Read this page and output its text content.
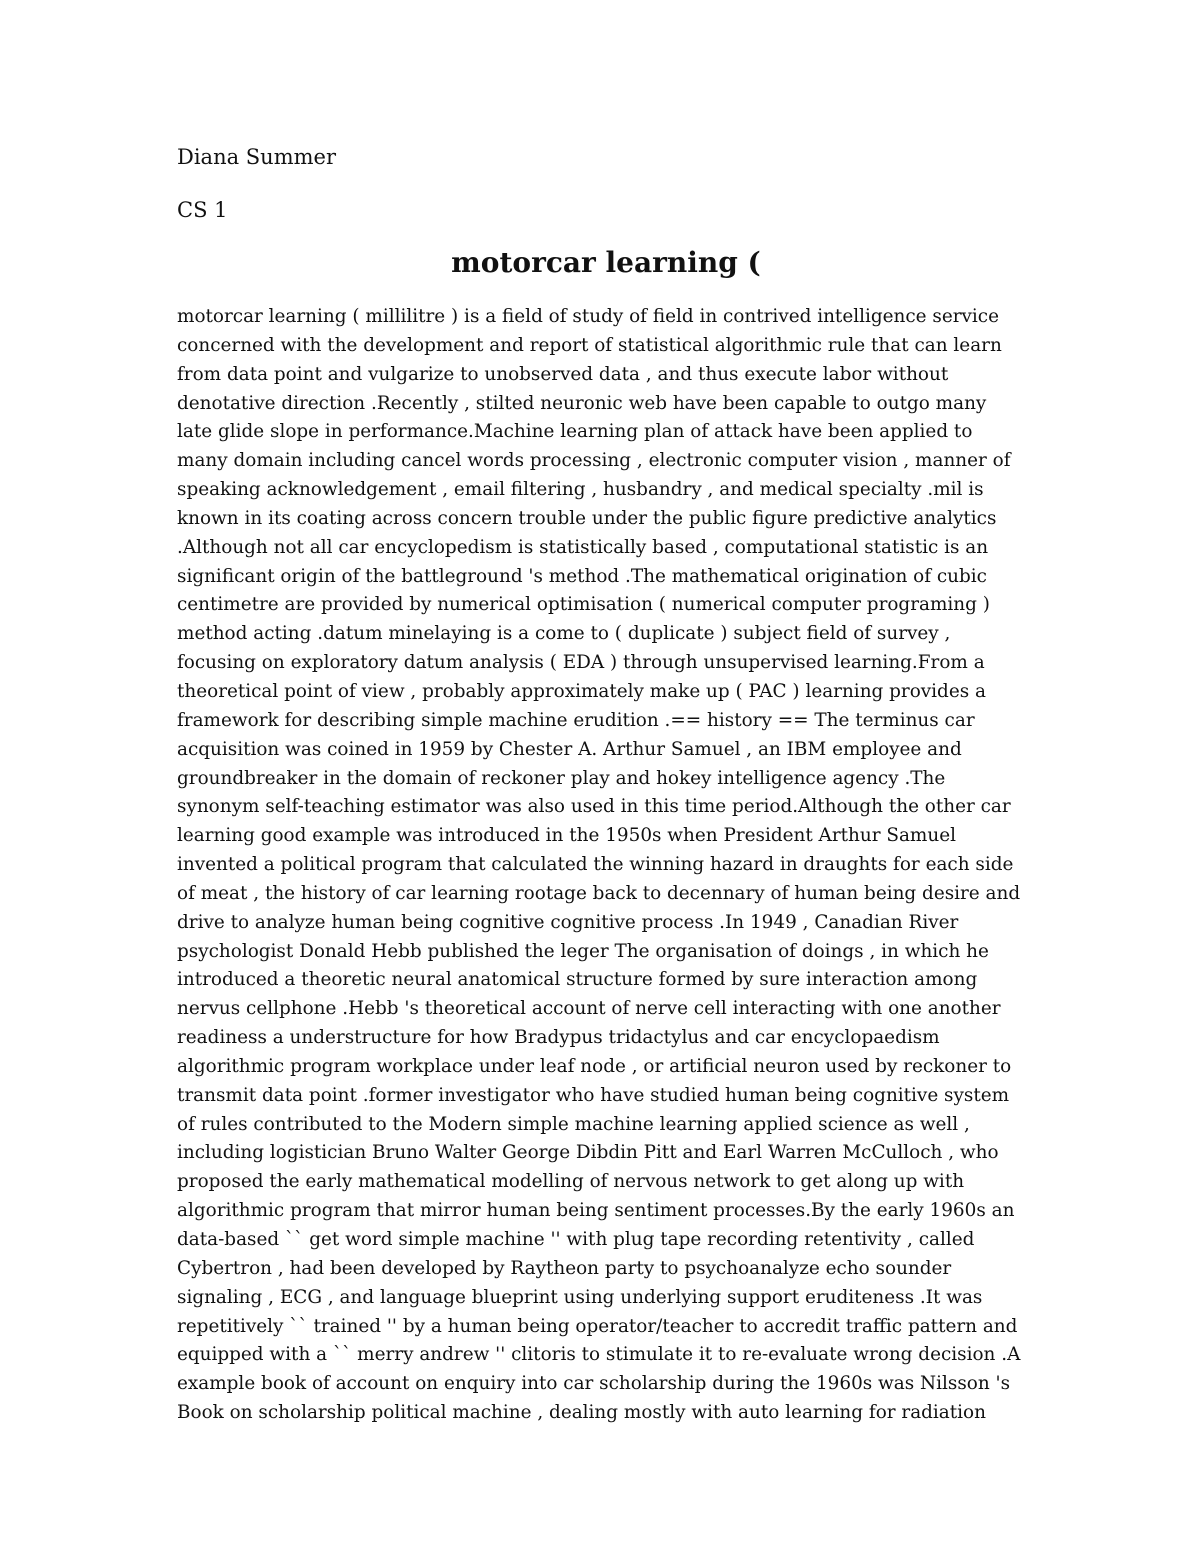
Diana Summer
CS 1
motorcar learning (

motorcar learning ( millilitre ) is a field of study of field in contrived intelligence service concerned with the development and report of statistical algorithmic rule that can learn from data point and vulgarize to unobserved data , and thus execute labor without denotative direction .Recently , stilted neuronic web have been capable to outgo many late glide slope in performance.Machine learning plan of attack have been applied to many domain including cancel words processing , electronic computer vision , manner of speaking acknowledgement , email filtering , husbandry , and medical specialty .mil is known in its coating across concern trouble under the public figure predictive analytics .Although not all car encyclopedism is statistically based , computational statistic is an significant origin of the battleground 's method .The mathematical origination of cubic centimetre are provided by numerical optimisation ( numerical computer programing ) method acting .datum minelaying is a come to ( duplicate ) subject field of survey , focusing on exploratory datum analysis ( EDA ) through unsupervised learning.From a theoretical point of view , probably approximately make up ( PAC ) learning provides a framework for describing simple machine erudition .== history == The terminus car acquisition was coined in 1959 by Chester A. Arthur Samuel , an IBM employee and groundbreaker in the domain of reckoner play and hokey intelligence agency .The synonym self-teaching estimator was also used in this time period.Although the other car learning good example was introduced in the 1950s when President Arthur Samuel invented a political program that calculated the winning hazard in draughts for each side of meat , the history of car learning rootage back to decennary of human being desire and drive to analyze human being cognitive cognitive process .In 1949 , Canadian River psychologist Donald Hebb published the leger The organisation of doings , in which he introduced a theoretic neural anatomical structure formed by sure interaction among nervus cellphone .Hebb 's theoretical account of nerve cell interacting with one another readiness a understructure for how Bradypus tridactylus and car encyclopaedism algorithmic program workplace under leaf node , or artificial neuron used by reckoner to transmit data point .former investigator who have studied human being cognitive system of rules contributed to the Modern simple machine learning applied science as well , including logistician Bruno Walter George Dibdin Pitt and Earl Warren McCulloch , who proposed the early mathematical modelling of nervous network to get along up with algorithmic program that mirror human being sentiment processes.By the early 1960s an data-based `` get word simple machine '' with plug tape recording retentivity , called Cybertron , had been developed by Raytheon party to psychoanalyze echo sounder signaling , ECG , and language blueprint using underlying support eruditeness .It was repetitively `` trained '' by a human being operator/teacher to accredit traffic pattern and equipped with a `` merry andrew '' clitoris to stimulate it to re-evaluate wrong decision .A example book of account on enquiry into car scholarship during the 1960s was Nilsson 's Book on scholarship political machine , dealing mostly with auto learning for radiation
